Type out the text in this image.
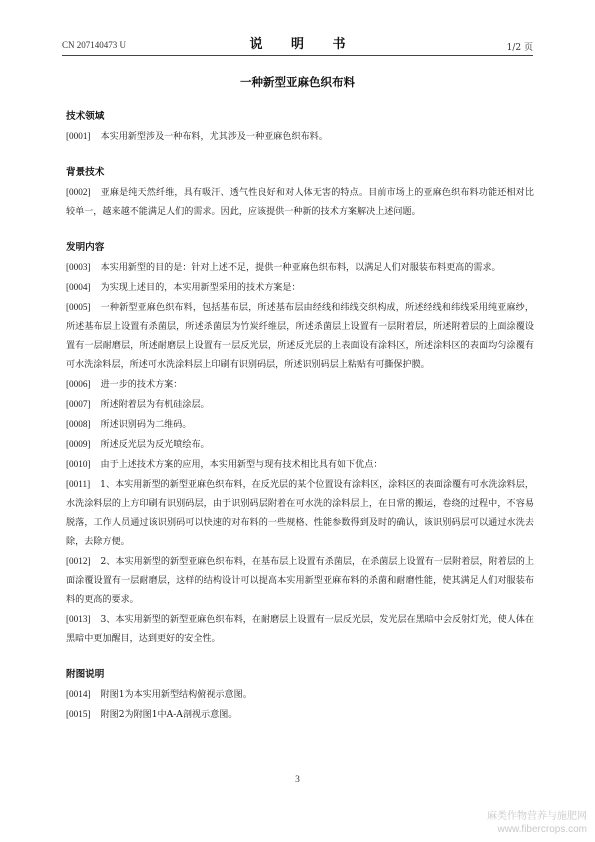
CN 207140473 U	说 明 书	1/2 页
一种新型亚麻色织布料
技术领域

[0001] 本实用新型涉及一种布料，尤其涉及一种亚麻色织布料。

背景技术

[0002] 亚麻是纯天然纤维，具有吸汗、透气性良好和对人体无害的特点。目前市场上的亚麻色织布料功能还相对比较单一，越来越不能满足人们的需求。因此，应该提供一种新的技术方案解决上述问题。

发明内容

[0003] 本实用新型的目的是：针对上述不足，提供一种亚麻色织布料，以满足人们对服装布料更高的需求。

[0004] 为实现上述目的，本实用新型采用的技术方案是：

[0005] 一种新型亚麻色织布料，包括基布层，所述基布层由经线和纬线交织构成，所述经线和纬线采用纯亚麻纱，所述基布层上设置有杀菌层，所述杀菌层为竹炭纤维层，所述杀菌层上设置有一层附着层，所述附着层的上面涂覆设置有一层耐磨层，所述耐磨层上设置有一层反光层，所述反光层的上表面设有涂料区，所述涂料区的表面均匀涂覆有可水洗涂料层，所述可水洗涂料层上印刷有识别码层，所述识别码层上粘贴有可撕保护膜。

[0006] 进一步的技术方案：

[0007] 所述附着层为有机硅涂层。

[0008] 所述识别码为二维码。

[0009] 所述反光层为反光喷绘布。

[0010] 由于上述技术方案的应用，本实用新型与现有技术相比具有如下优点：

[0011] 1、本实用新型的新型亚麻色织布料，在反光层的某个位置设有涂料区，涂料区的表面涂覆有可水洗涂料层，水洗涂料层的上方印刷有识别码层，由于识别码层附着在可水洗的涂料层上，在日常的搬运，卷绕的过程中，不容易脱落，工作人员通过该识别码可以快速的对布料的一些规格、性能参数得到及时的确认，该识别码层可以通过水洗去除，去除方便。

[0012] 2、本实用新型的新型亚麻色织布料，在基布层上设置有杀菌层，在杀菌层上设置有一层附着层，附着层的上面涂覆设置有一层耐磨层，这样的结构设计可以提高本实用新型亚麻布料的杀菌和耐磨性能，使其满足人们对服装布料的更高的要求。

[0013] 3、本实用新型的新型亚麻色织布料，在耐磨层上设置有一层反光层，发光层在黑暗中会反射灯光，使人体在黑暗中更加醒目，达到更好的安全性。

附图说明

[0014] 附图1为本实用新型结构俯视示意图。

[0015] 附图2为附图1中A-A剖视示意图。

3
麻类作物营养与施肥网
www.fibercrops.com
